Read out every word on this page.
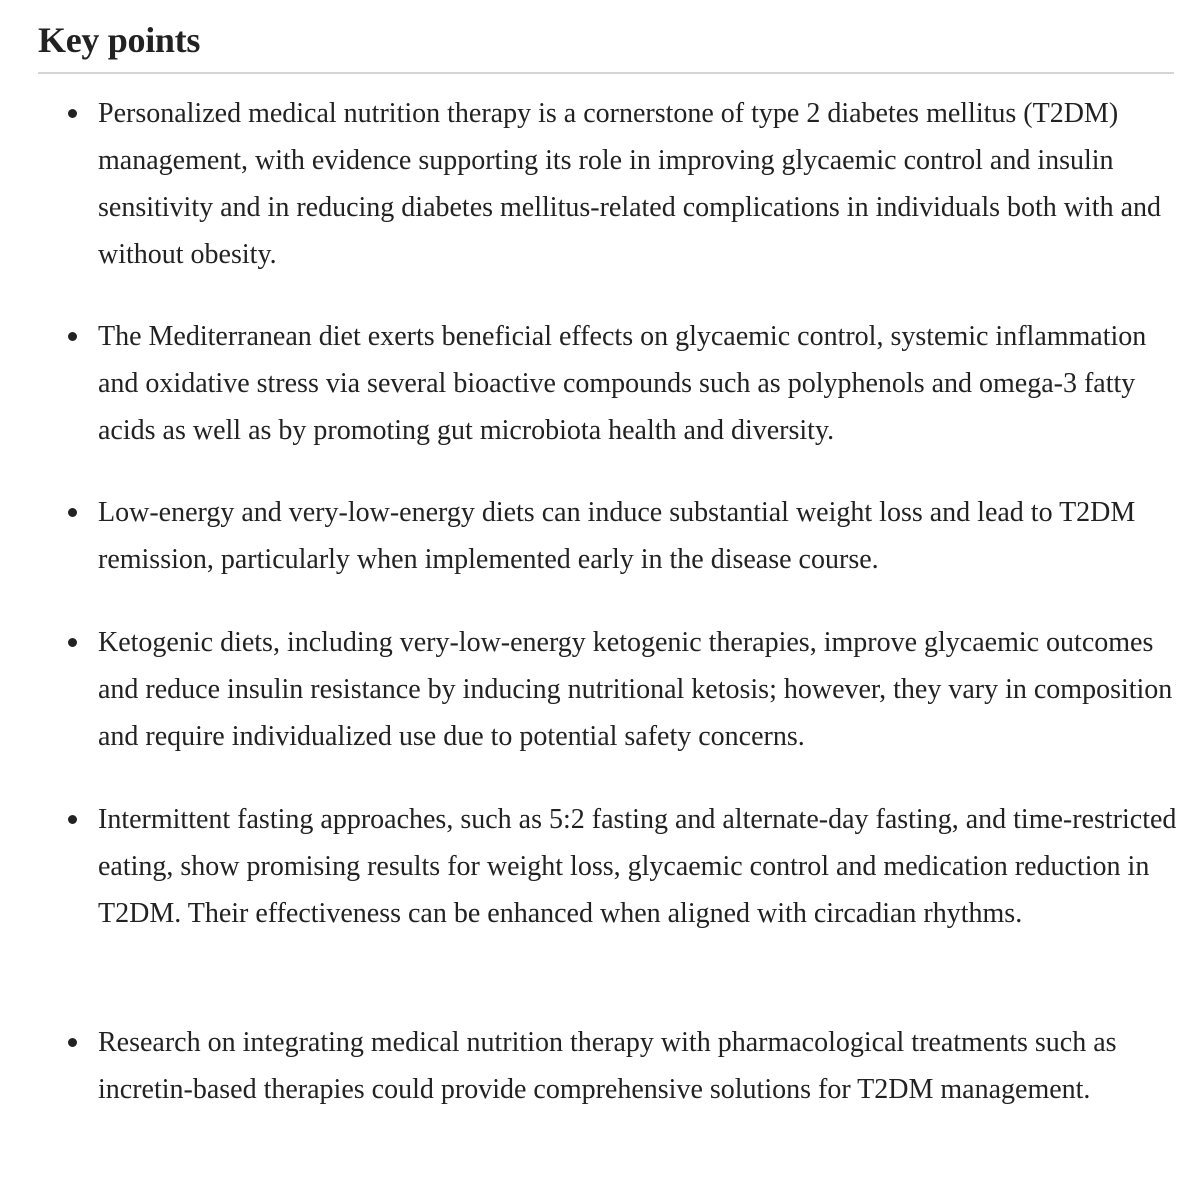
Key points
Personalized medical nutrition therapy is a cornerstone of type 2 diabetes mellitus (T2DM) management, with evidence supporting its role in improving glycaemic control and insulin sensitivity and in reducing diabetes mellitus-related complications in individuals both with and without obesity.
The Mediterranean diet exerts beneficial effects on glycaemic control, systemic inflammation and oxidative stress via several bioactive compounds such as polyphenols and omega-3 fatty acids as well as by promoting gut microbiota health and diversity.
Low-energy and very-low-energy diets can induce substantial weight loss and lead to T2DM remission, particularly when implemented early in the disease course.
Ketogenic diets, including very-low-energy ketogenic therapies, improve glycaemic outcomes and reduce insulin resistance by inducing nutritional ketosis; however, they vary in composition and require individualized use due to potential safety concerns.
Intermittent fasting approaches, such as 5:2 fasting and alternate-day fasting, and time-restricted eating, show promising results for weight loss, glycaemic control and medication reduction in T2DM. Their effectiveness can be enhanced when aligned with circadian rhythms.
Research on integrating medical nutrition therapy with pharmacological treatments such as incretin-based therapies could provide comprehensive solutions for T2DM management.
